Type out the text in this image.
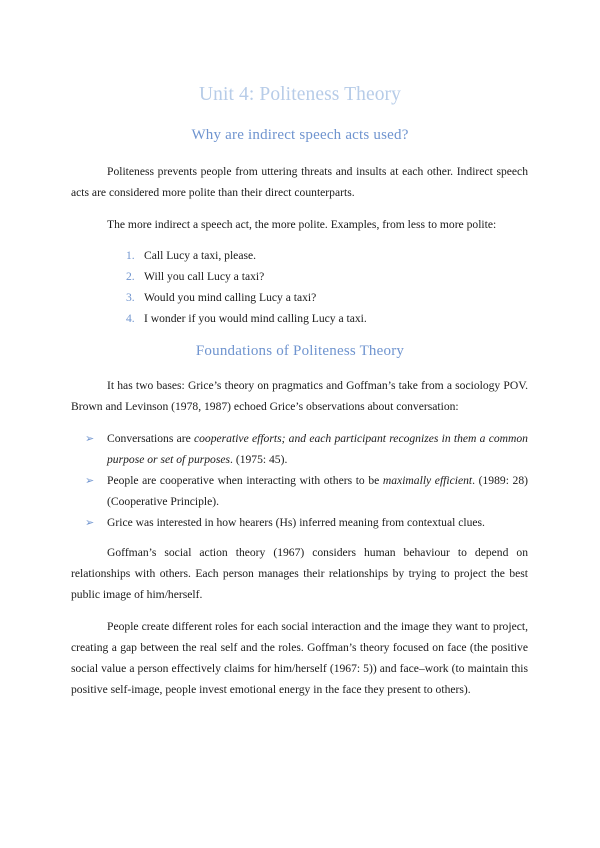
Unit 4: Politeness Theory
Why are indirect speech acts used?

Politeness prevents people from uttering threats and insults at each other. Indirect speech acts are considered more polite than their direct counterparts.

The more indirect a speech act, the more polite. Examples, from less to more polite:

1. Call Lucy a taxi, please.
2. Will you call Lucy a taxi?
3. Would you mind calling Lucy a taxi?
4. I wonder if you would mind calling Lucy a taxi.
Foundations of Politeness Theory

It has two bases: Grice’s theory on pragmatics and Goffman’s take from a sociology POV. Brown and Levinson (1978, 1987) echoed Grice’s observations about conversation:

➢ Conversations are cooperative efforts; and each participant recognizes in them a common purpose or set of purposes. (1975: 45).
➢ People are cooperative when interacting with others to be maximally efficient. (1989: 28) (Cooperative Principle).
➢ Grice was interested in how hearers (Hs) inferred meaning from contextual clues.

Goffman’s social action theory (1967) considers human behaviour to depend on relationships with others. Each person manages their relationships by trying to project the best public image of him/herself.

People create different roles for each social interaction and the image they want to project, creating a gap between the real self and the roles. Goffman’s theory focused on face (the positive social value a person effectively claims for him/herself (1967: 5)) and face–work (to maintain this positive self-image, people invest emotional energy in the face they present to others).
